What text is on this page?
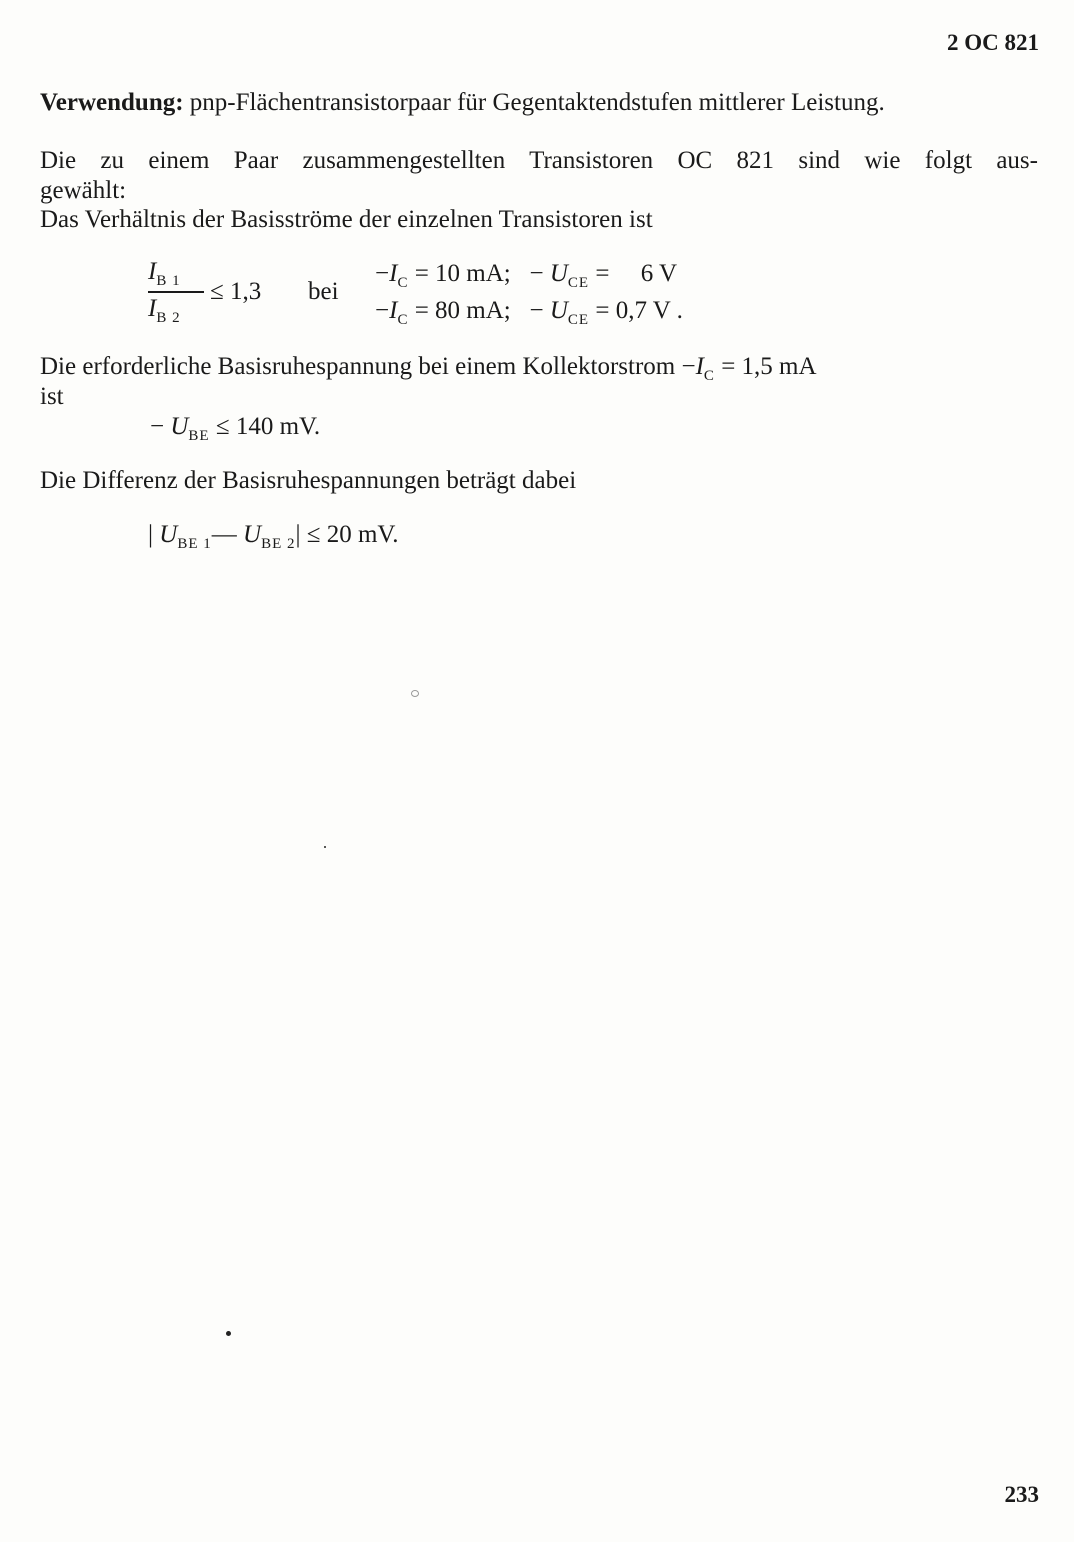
2 OC 821
Verwendung: pnp-Flächentransistorpaar für Gegentaktendstufen mittlerer Leistung.
Die zu einem Paar zusammengestellten Transistoren OC 821 sind wie folgt aus-
gewählt:
Das Verhältnis der Basisströme der einzelnen Transistoren ist
$I_{B 1}$
$I_{B 2}$
≤ 1,3 bei
$-I_C = 10$ mA; − $U_{CE}$ =     6 V
$-I_C = 80$ mA; − $U_{CE} = 0,7$ V .
Die erforderliche Basisruhespannung bei einem Kollektorstrom $-I_C = 1,5$ mA
ist
− $U_{BE} \le 140$ mV.
Die Differenz der Basisruhespannungen beträgt dabei
| $U_{BE 1}—$ $U_{BE 2}| \le 20$ mV.
233
